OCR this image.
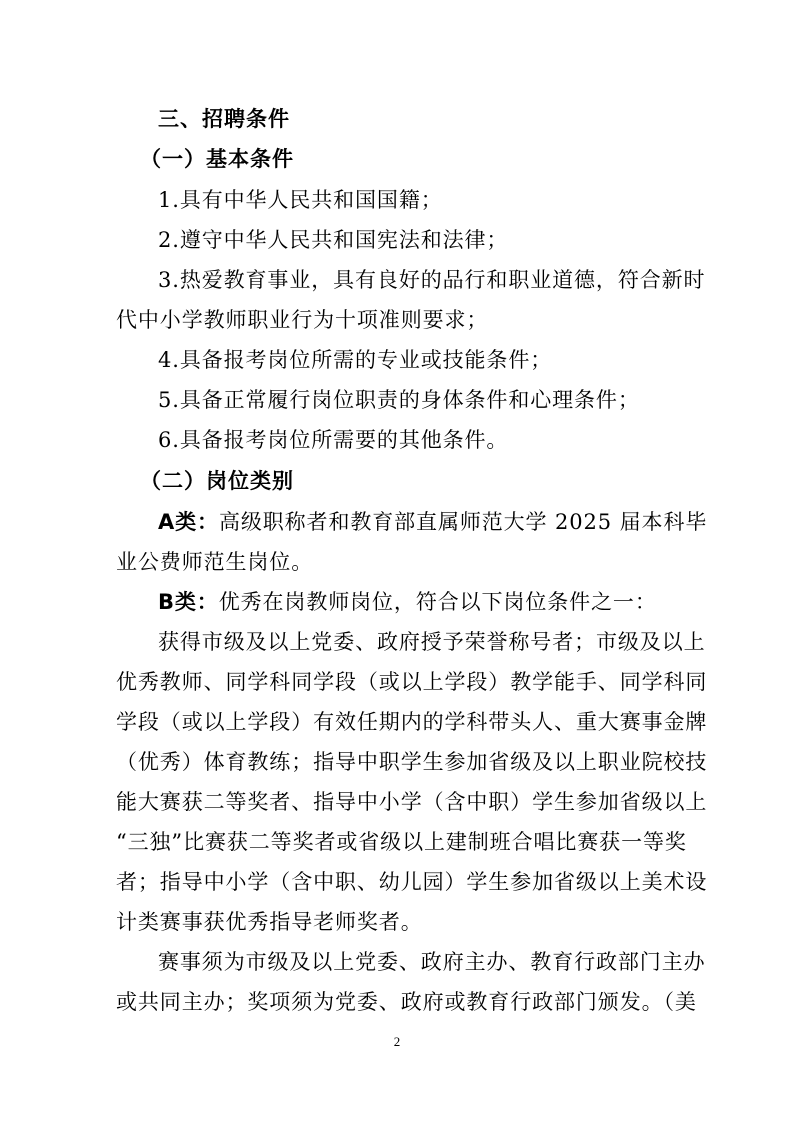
三、招聘条件
（一）基本条件
1.具有中华人民共和国国籍；
2.遵守中华人民共和国宪法和法律；
3.热爱教育事业，具有良好的品行和职业道德，符合新时
代中小学教师职业行为十项准则要求；
4.具备报考岗位所需的专业或技能条件；
5.具备正常履行岗位职责的身体条件和心理条件；
6.具备报考岗位所需要的其他条件。
（二）岗位类别
A类：高级职称者和教育部直属师范大学 2025 届本科毕
业公费师范生岗位。
B类：优秀在岗教师岗位，符合以下岗位条件之一：
获得市级及以上党委、政府授予荣誉称号者；市级及以上
优秀教师、同学科同学段（或以上学段）教学能手、同学科同
学段（或以上学段）有效任期内的学科带头人、重大赛事金牌
（优秀）体育教练；指导中职学生参加省级及以上职业院校技
能大赛获二等奖者、指导中小学（含中职）学生参加省级以上
“三独”比赛获二等奖者或省级以上建制班合唱比赛获一等奖
者；指导中小学（含中职、幼儿园）学生参加省级以上美术设
计类赛事获优秀指导老师奖者。
赛事须为市级及以上党委、政府主办、教育行政部门主办
或共同主办；奖项须为党委、政府或教育行政部门颁发。（美
2
